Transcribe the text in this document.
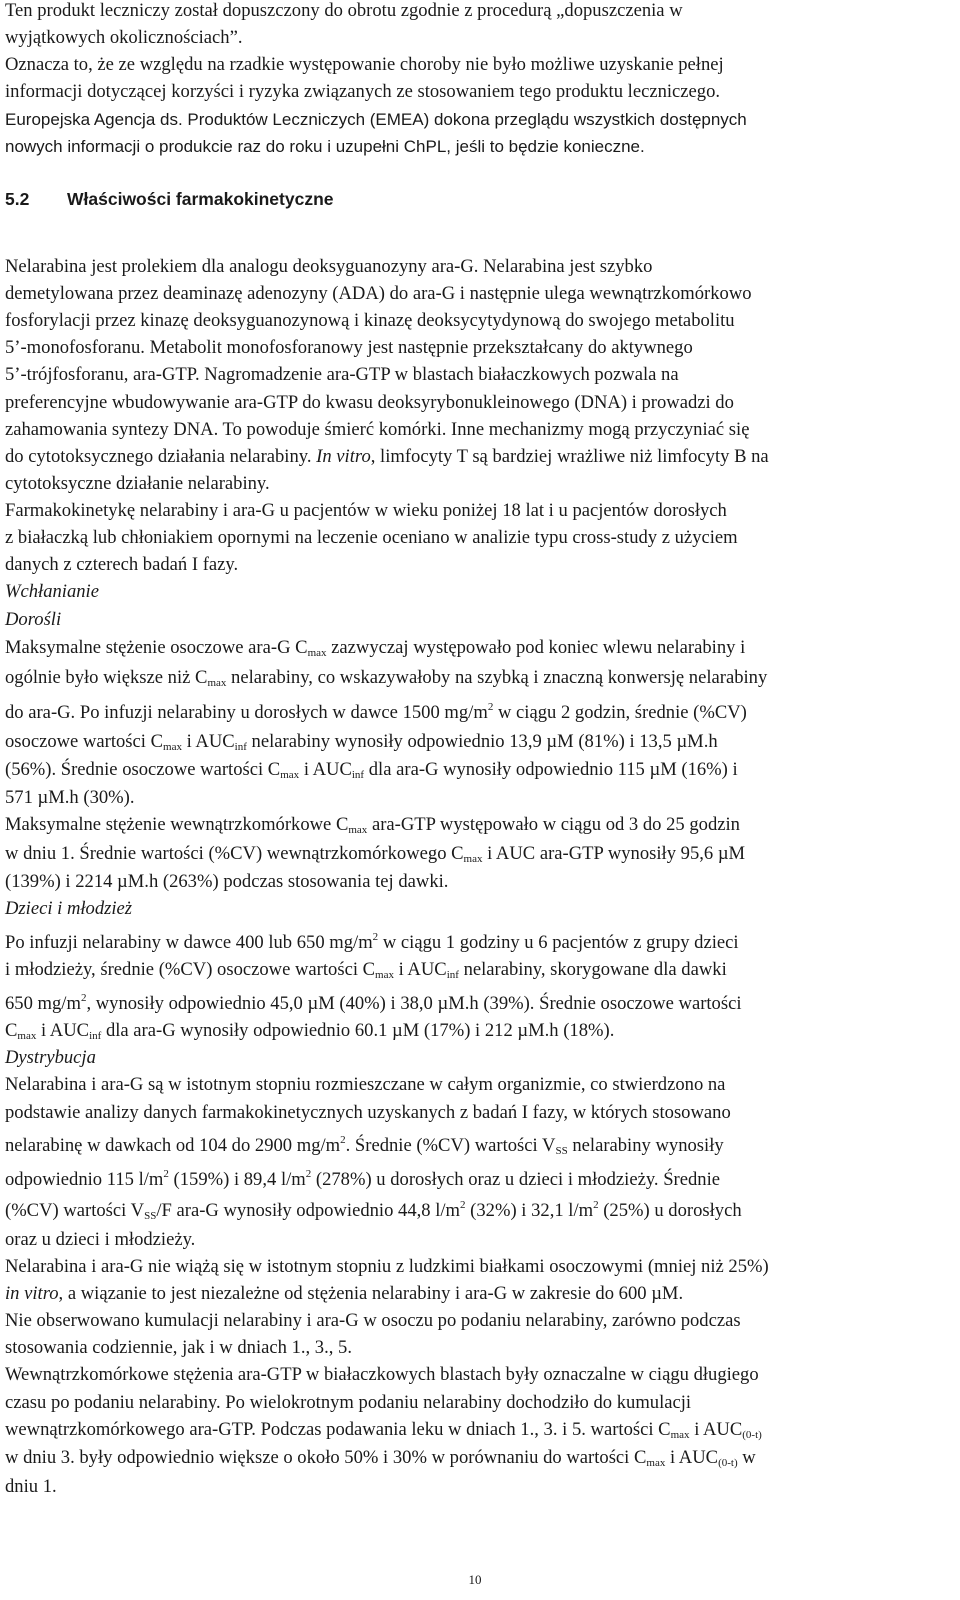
Ten produkt leczniczy został dopuszczony do obrotu zgodnie z procedurą „dopuszczenia w
wyjątkowych okolicznościach”.
Oznacza to, że ze względu na rzadkie występowanie choroby nie było możliwe uzyskanie pełnej
informacji dotyczącej korzyści i ryzyka związanych ze stosowaniem tego produktu leczniczego.
Europejska Agencja ds. Produktów Leczniczych (EMEA) dokona przeglądu wszystkich dostępnych
nowych informacji o produkcie raz do roku i uzupełni ChPL, jeśli to będzie konieczne.
5.2 Właściwości farmakokinetyczne
Nelarabina jest prolekiem dla analogu deoksyguanozyny ara-G. Nelarabina jest szybko
demetylowana przez deaminazę adenozyny (ADA) do ara-G i następnie ulega wewnątrzkomórkowo
fosforylacji przez kinazę deoksyguanozynową i kinazę deoksycytydynową do swojego metabolitu
5’-monofosforanu. Metabolit monofosforanowy jest następnie przekształcany do aktywnego
5’-trójfosforanu, ara-GTP. Nagromadzenie ara-GTP w blastach białaczkowych pozwala na
preferencyjne wbudowywanie ara-GTP do kwasu deoksyrybonukleinowego (DNA) i prowadzi do
zahamowania syntezy DNA. To powoduje śmierć komórki. Inne mechanizmy mogą przyczyniać się
do cytotoksycznego działania nelarabiny. In vitro, limfocyty T są bardziej wrażliwe niż limfocyty B na
cytotoksyczne działanie nelarabiny.
Farmakokinetykę nelarabiny i ara-G u pacjentów w wieku poniżej 18 lat i u pacjentów dorosłych
z białaczką lub chłoniakiem opornymi na leczenie oceniano w analizie typu cross-study z użyciem
danych z czterech badań I fazy.
Wchłanianie
Dorośli
Maksymalne stężenie osoczowe ara-G $C_{max}$ zazwyczaj występowało pod koniec wlewu nelarabiny i
ogólnie było większe niż $C_{max}$ nelarabiny, co wskazywałoby na szybką i znaczną konwersję nelarabiny
do ara-G. Po infuzji nelarabiny u dorosłych w dawce 1500 $mg/m^2$ w ciągu 2 godzin, średnie (%CV)
osoczowe wartości $C_{max}$ i $AUC_{inf}$ nelarabiny wynosiły odpowiednio 13,9 µM (81%) i 13,5 µM.h
(56%). Średnie osoczowe wartości $C_{max}$ i $AUC_{inf}$ dla ara-G wynosiły odpowiednio 115 µM (16%) i
571 µM.h (30%).
Maksymalne stężenie wewnątrzkomórkowe $C_{max}$ ara-GTP występowało w ciągu od 3 do 25 godzin
w dniu 1. Średnie wartości (%CV) wewnątrzkomórkowego $C_{max}$ i AUC ara-GTP wynosiły 95,6 µM
(139%) i 2214 µM.h (263%) podczas stosowania tej dawki.
Dzieci i młodzież
Po infuzji nelarabiny w dawce 400 lub 650 $mg/m^2$ w ciągu 1 godziny u 6 pacjentów z grupy dzieci
i młodzieży, średnie (%CV) osoczowe wartości $C_{max}$ i $AUC_{inf}$ nelarabiny, skorygowane dla dawki
650 $mg/m^2$, wynosiły odpowiednio 45,0 µM (40%) i 38,0 µM.h (39%). Średnie osoczowe wartości
$C_{max}$ i $AUC_{inf}$ dla ara-G wynosiły odpowiednio 60.1 µM (17%) i 212 µM.h (18%).
Dystrybucja
Nelarabina i ara-G są w istotnym stopniu rozmieszczane w całym organizmie, co stwierdzono na
podstawie analizy danych farmakokinetycznych uzyskanych z badań I fazy, w których stosowano
nelarabinę w dawkach od 104 do 2900 $mg/m^2$. Średnie (%CV) wartości $V_{SS}$ nelarabiny wynosiły
odpowiednio 115 $l/m^2$ (159%) i 89,4 $l/m^2$ (278%) u dorosłych oraz u dzieci i młodzieży. Średnie
(%CV) wartości $V_{SS}/F$ ara-G wynosiły odpowiednio 44,8 $l/m^2$ (32%) i 32,1 $l/m^2$ (25%) u dorosłych
oraz u dzieci i młodzieży.
Nelarabina i ara-G nie wiążą się w istotnym stopniu z ludzkimi białkami osoczowymi (mniej niż 25%)
in vitro, a wiązanie to jest niezależne od stężenia nelarabiny i ara-G w zakresie do 600 µM.
Nie obserwowano kumulacji nelarabiny i ara-G w osoczu po podaniu nelarabiny, zarówno podczas
stosowania codziennie, jak i w dniach 1., 3., 5.
Wewnątrzkomórkowe stężenia ara-GTP w białaczkowych blastach były oznaczalne w ciągu długiego
czasu po podaniu nelarabiny. Po wielokrotnym podaniu nelarabiny dochodziło do kumulacji
wewnątrzkomórkowego ara-GTP. Podczas podawania leku w dniach 1., 3. i 5. wartości $C_{max}$ i $AUC_{(0-t)}$
w dniu 3. były odpowiednio większe o około 50% i 30% w porównaniu do wartości $C_{max}$ i $AUC_{(0-t)}$ w
dniu 1.
10
